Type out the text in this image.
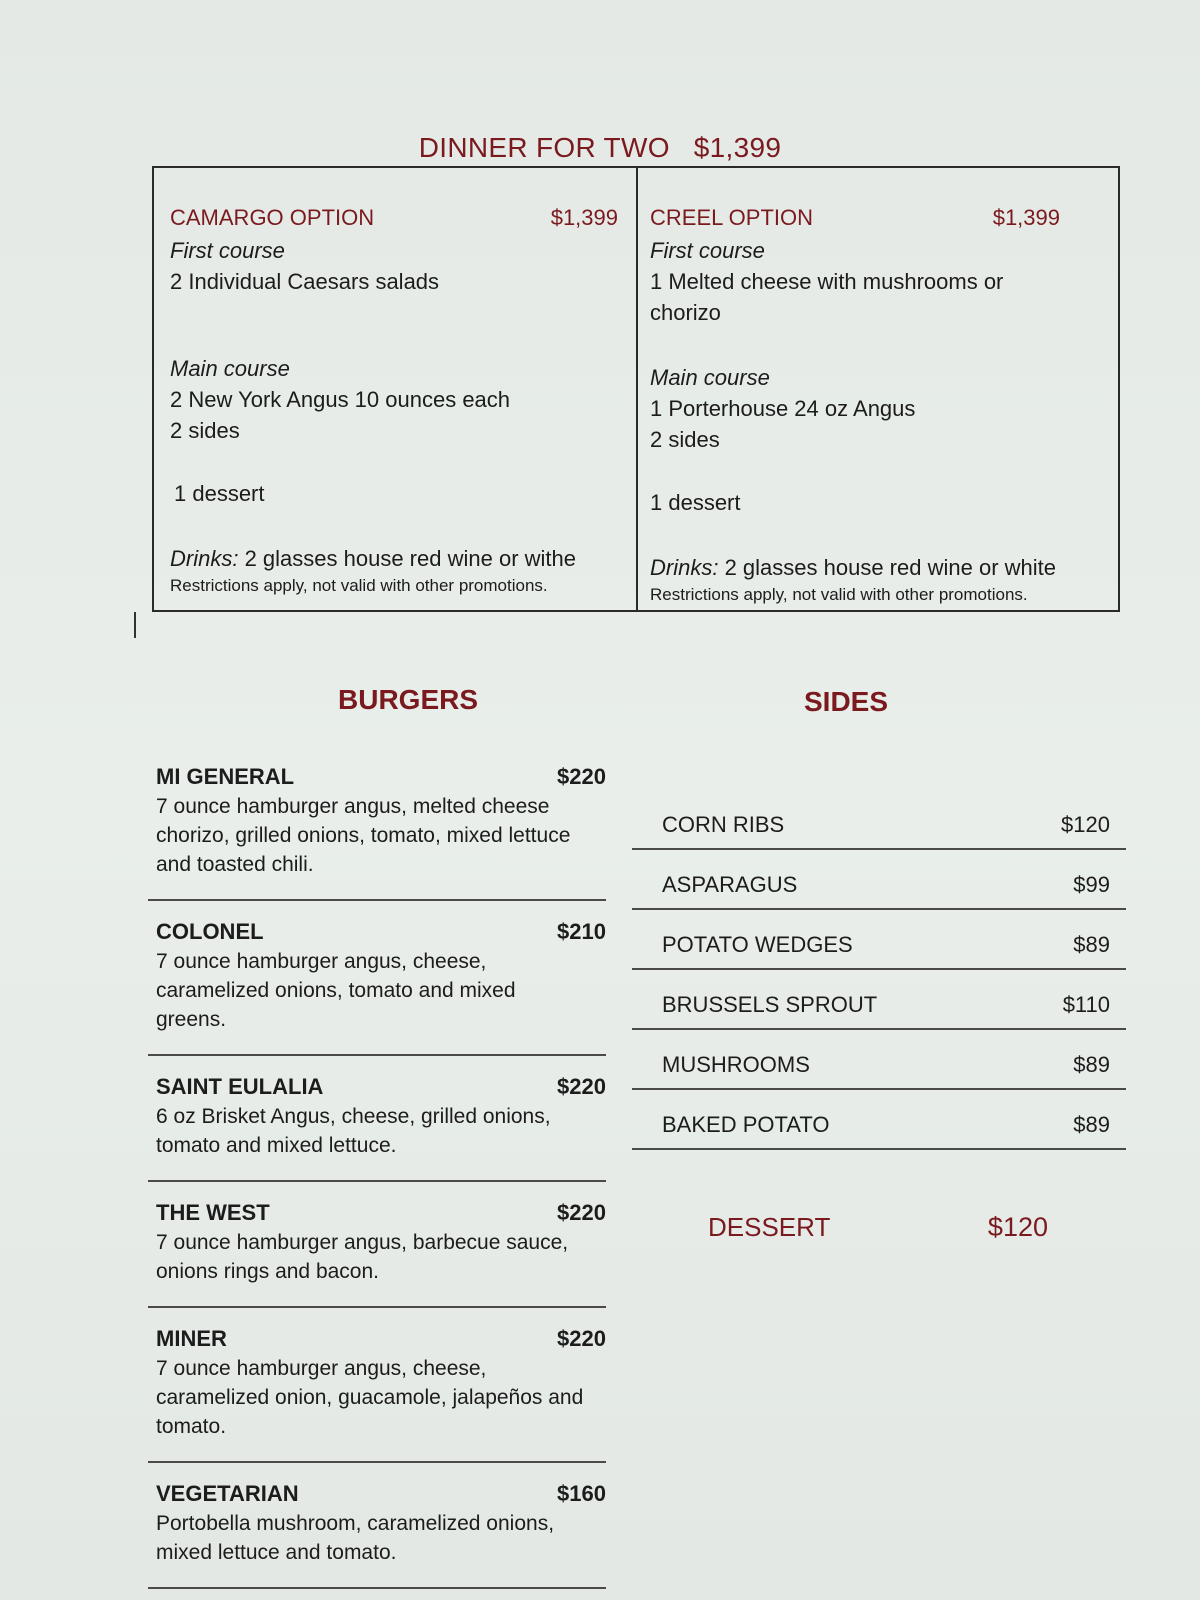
DINNER FOR TWO $1,399
CAMARGO OPTION	$1,399
First course
2 Individual Caesars salads
Main course
2 New York Angus 10 ounces each
2 sides
1 dessert
Drinks: 2 glasses house red wine or withe
Restrictions apply, not valid with other promotions.
CREEL OPTION	$1,399
First course
1 Melted cheese with mushrooms or chorizo
Main course
1 Porterhouse 24 oz Angus
2 sides
1 dessert
Drinks: 2 glasses house red wine or white
Restrictions apply, not valid with other promotions.
BURGERS	SIDES
MI GENERAL	$220
7 ounce hamburger angus, melted cheese chorizo, grilled onions, tomato, mixed lettuce and toasted chili.
COLONEL	$210
7 ounce hamburger angus, cheese, caramelized onions, tomato and mixed greens.
SAINT EULALIA	$220
6 oz Brisket Angus, cheese, grilled onions, tomato and mixed lettuce.
THE WEST	$220
7 ounce hamburger angus, barbecue sauce, onions rings and bacon.
MINER	$220
7 ounce hamburger angus, cheese, caramelized onion, guacamole, jalapeños and tomato.
VEGETARIAN	$160
Portobella mushroom, caramelized onions, mixed lettuce and tomato.
CORN RIBS	$120
ASPARAGUS	$99
POTATO WEDGES	$89
BRUSSELS SPROUT	$110
MUSHROOMS	$89
BAKED POTATO	$89
DESSERT	$120
